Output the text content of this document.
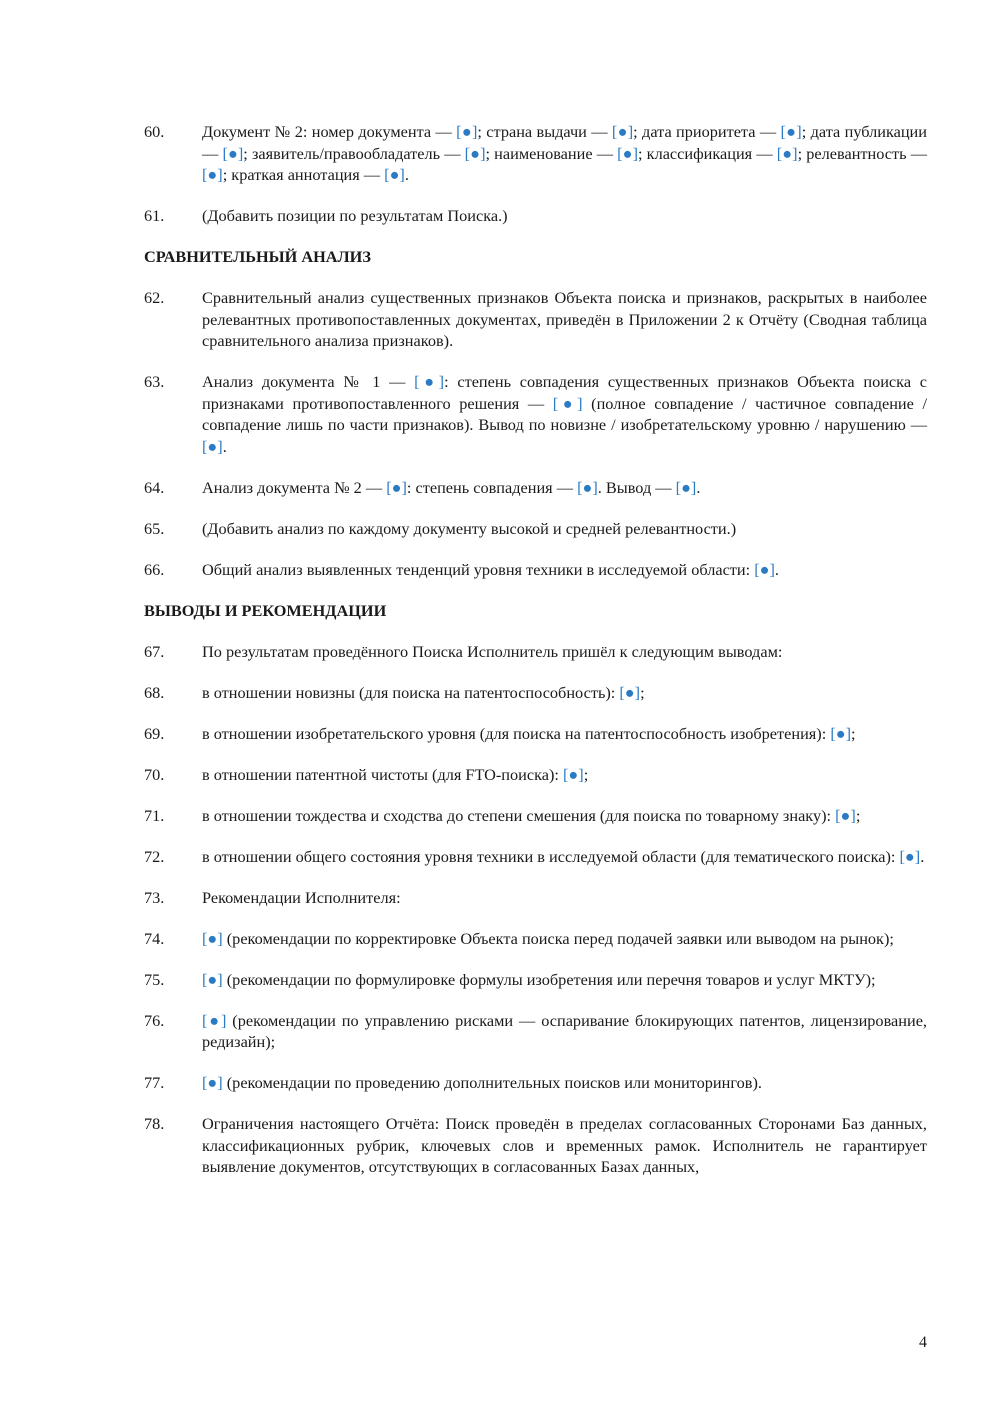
60.	Документ № 2: номер документа — [●]; страна выдачи — [●]; дата приоритета — [●]; дата публикации — [●]; заявитель/правообладатель — [●]; наименование — [●]; классификация — [●]; релевантность — [●]; краткая аннотация — [●].
61.	(Добавить позиции по результатам Поиска.)
СРАВНИТЕЛЬНЫЙ АНАЛИЗ
62.	Сравнительный анализ существенных признаков Объекта поиска и признаков, раскрытых в наиболее релевантных противопоставленных документах, приведён в Приложении 2 к Отчёту (Сводная таблица сравнительного анализа признаков).
63.	Анализ документа № 1 — [●]: степень совпадения существенных признаков Объекта поиска с признаками противопоставленного решения — [●] (полное совпадение / частичное совпадение / совпадение лишь по части признаков). Вывод по новизне / изобретательскому уровню / нарушению — [●].
64.	Анализ документа № 2 — [●]: степень совпадения — [●]. Вывод — [●].
65.	(Добавить анализ по каждому документу высокой и средней релевантности.)
66.	Общий анализ выявленных тенденций уровня техники в исследуемой области: [●].
ВЫВОДЫ И РЕКОМЕНДАЦИИ
67.	По результатам проведённого Поиска Исполнитель пришёл к следующим выводам:
68.	в отношении новизны (для поиска на патентоспособность): [●];
69.	в отношении изобретательского уровня (для поиска на патентоспособность изобретения): [●];
70.	в отношении патентной чистоты (для FTO-поиска): [●];
71.	в отношении тождества и сходства до степени смешения (для поиска по товарному знаку): [●];
72.	в отношении общего состояния уровня техники в исследуемой области (для тематического поиска): [●].
73.	Рекомендации Исполнителя:
74.	[●] (рекомендации по корректировке Объекта поиска перед подачей заявки или выводом на рынок);
75.	[●] (рекомендации по формулировке формулы изобретения или перечня товаров и услуг МКТУ);
76.	[●] (рекомендации по управлению рисками — оспаривание блокирующих патентов, лицензирование, редизайн);
77.	[●] (рекомендации по проведению дополнительных поисков или мониторингов).
78.	Ограничения настоящего Отчёта: Поиск проведён в пределах согласованных Сторонами Баз данных, классификационных рубрик, ключевых слов и временных рамок. Исполнитель не гарантирует выявление документов, отсутствующих в согласованных Базах данных,
4
